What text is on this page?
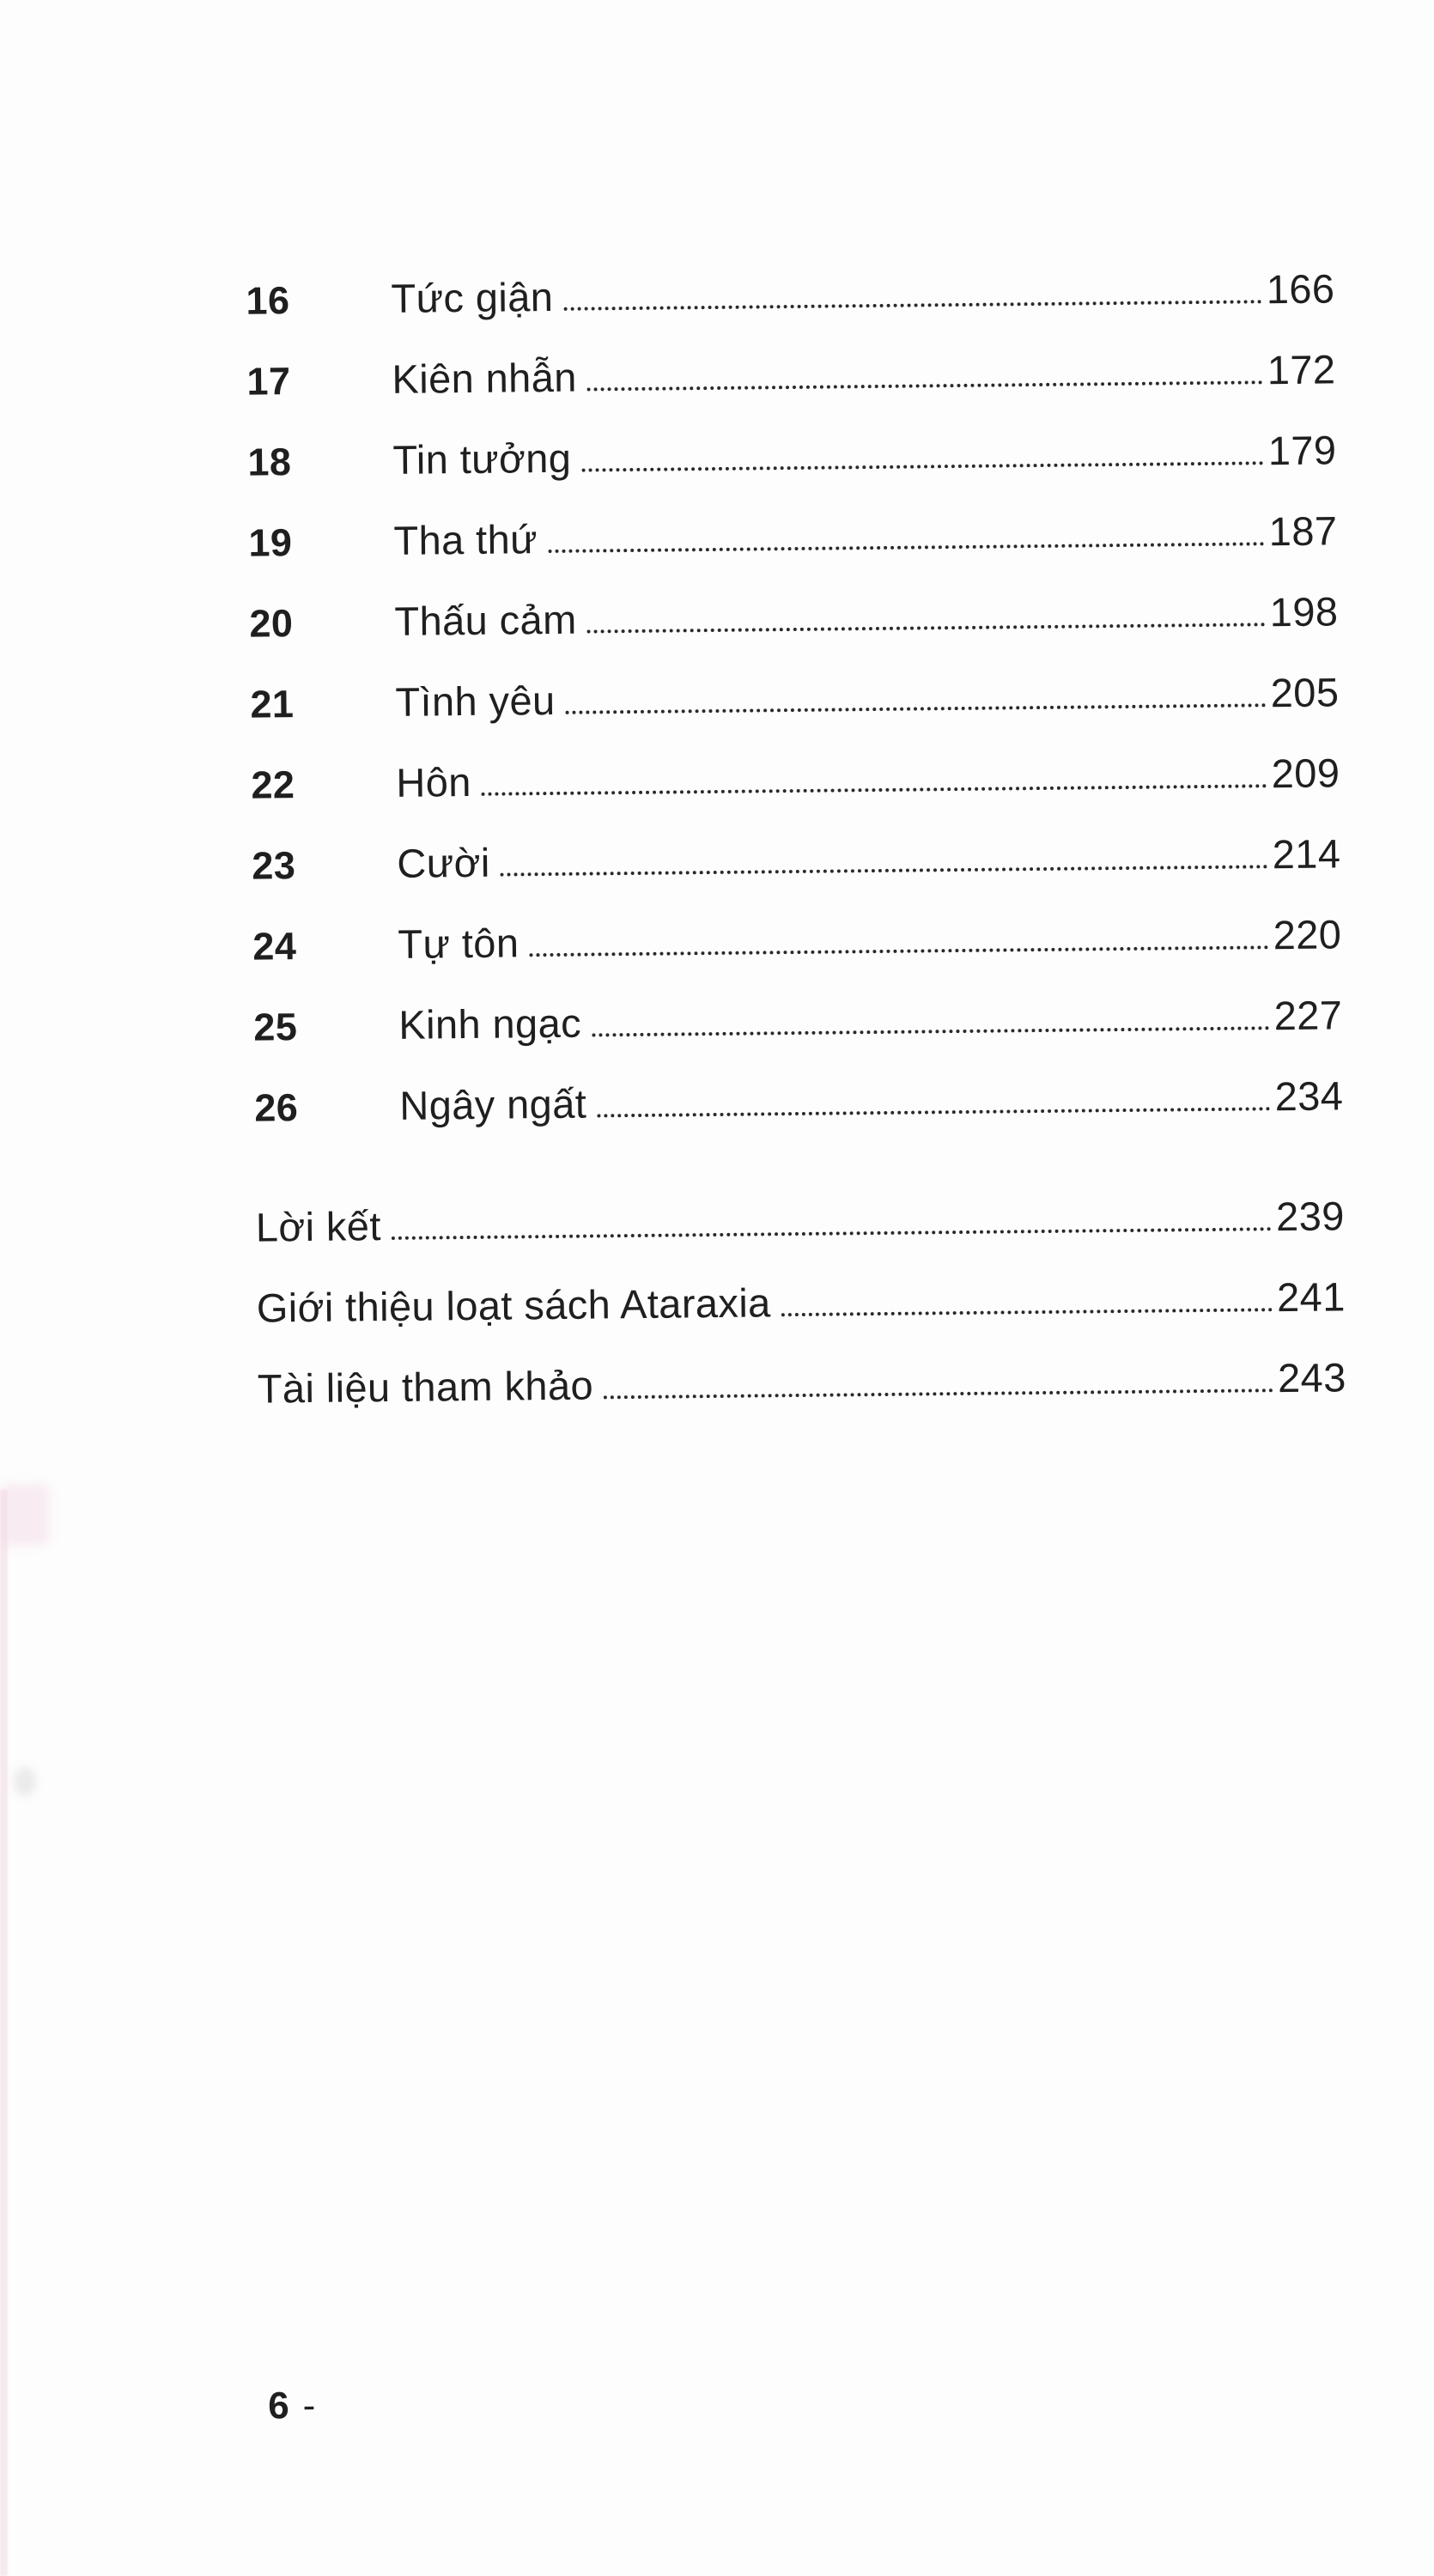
16	Tức giận	166
17	Kiên nhẫn	172
18	Tin tưởng	179
19	Tha thứ	187
20	Thấu cảm	198
21	Tình yêu	205
22	Hôn	209
23	Cười	214
24	Tự tôn	220
25	Kinh ngạc	227
26	Ngây ngất	234
Lời kết	239
Giới thiệu loạt sách Ataraxia	241
Tài liệu tham khảo	243
6 -
